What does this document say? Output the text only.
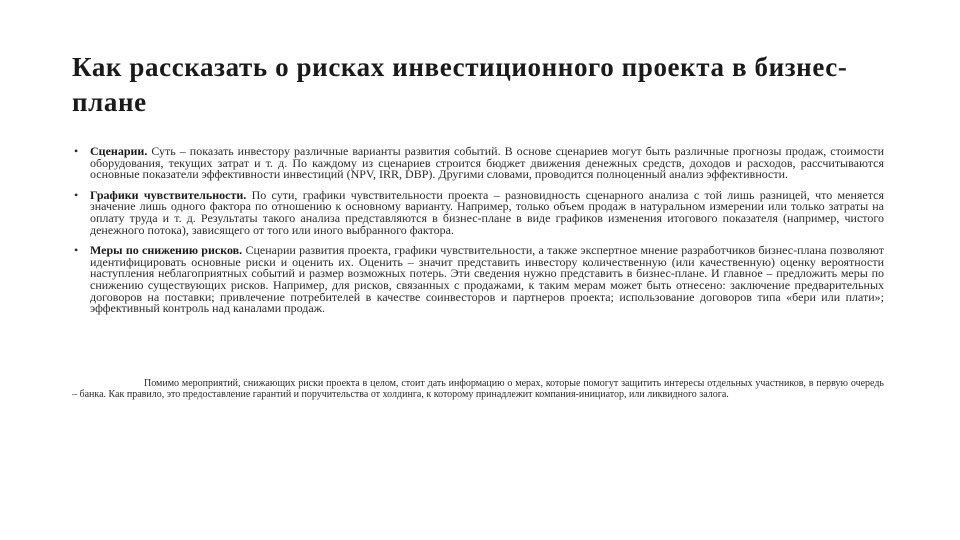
Как рассказать о рисках инвестиционного проекта в бизнес-плане
• Сценарии. Суть – показать инвестору различные варианты развития событий. В основе сценариев могут быть различные прогнозы продаж, стоимости оборудования, текущих затрат и т. д. По каждому из сценариев строится бюджет движения денежных средств, доходов и расходов, рассчитываются основные показатели эффективности инвестиций (NPV, IRR, DBP). Другими словами, проводится полноценный анализ эффективности.
• Графики чувствительности. По сути, графики чувствительности проекта – разновидность сценарного анализа с той лишь разницей, что меняется значение лишь одного фактора по отношению к основному варианту. Например, только объем продаж в натуральном измерении или только затраты на оплату труда и т. д. Результаты такого анализа представляются в бизнес-плане в виде графиков изменения итогового показателя (например, чистого денежного потока), зависящего от того или иного выбранного фактора.
• Меры по снижению рисков. Сценарии развития проекта, графики чувствительности, а также экспертное мнение разработчиков бизнес-плана позволяют идентифицировать основные риски и оценить их. Оценить – значит представить инвестору количественную (или качественную) оценку вероятности наступления неблагоприятных событий и размер возможных потерь. Эти сведения нужно представить в бизнес-плане. И главное – предложить меры по снижению существующих рисков. Например, для рисков, связанных с продажами, к таким мерам может быть отнесено: заключение предварительных договоров на поставки; привлечение потребителей в качестве соинвесторов и партнеров проекта; использование договоров типа «бери или плати»; эффективный контроль над каналами продаж.

Помимо мероприятий, снижающих риски проекта в целом, стоит дать информацию о мерах, которые помогут защитить интересы отдельных участников, в первую очередь – банка. Как правило, это предоставление гарантий и поручительства от холдинга, к которому принадлежит компания-инициатор, или ликвидного залога.
